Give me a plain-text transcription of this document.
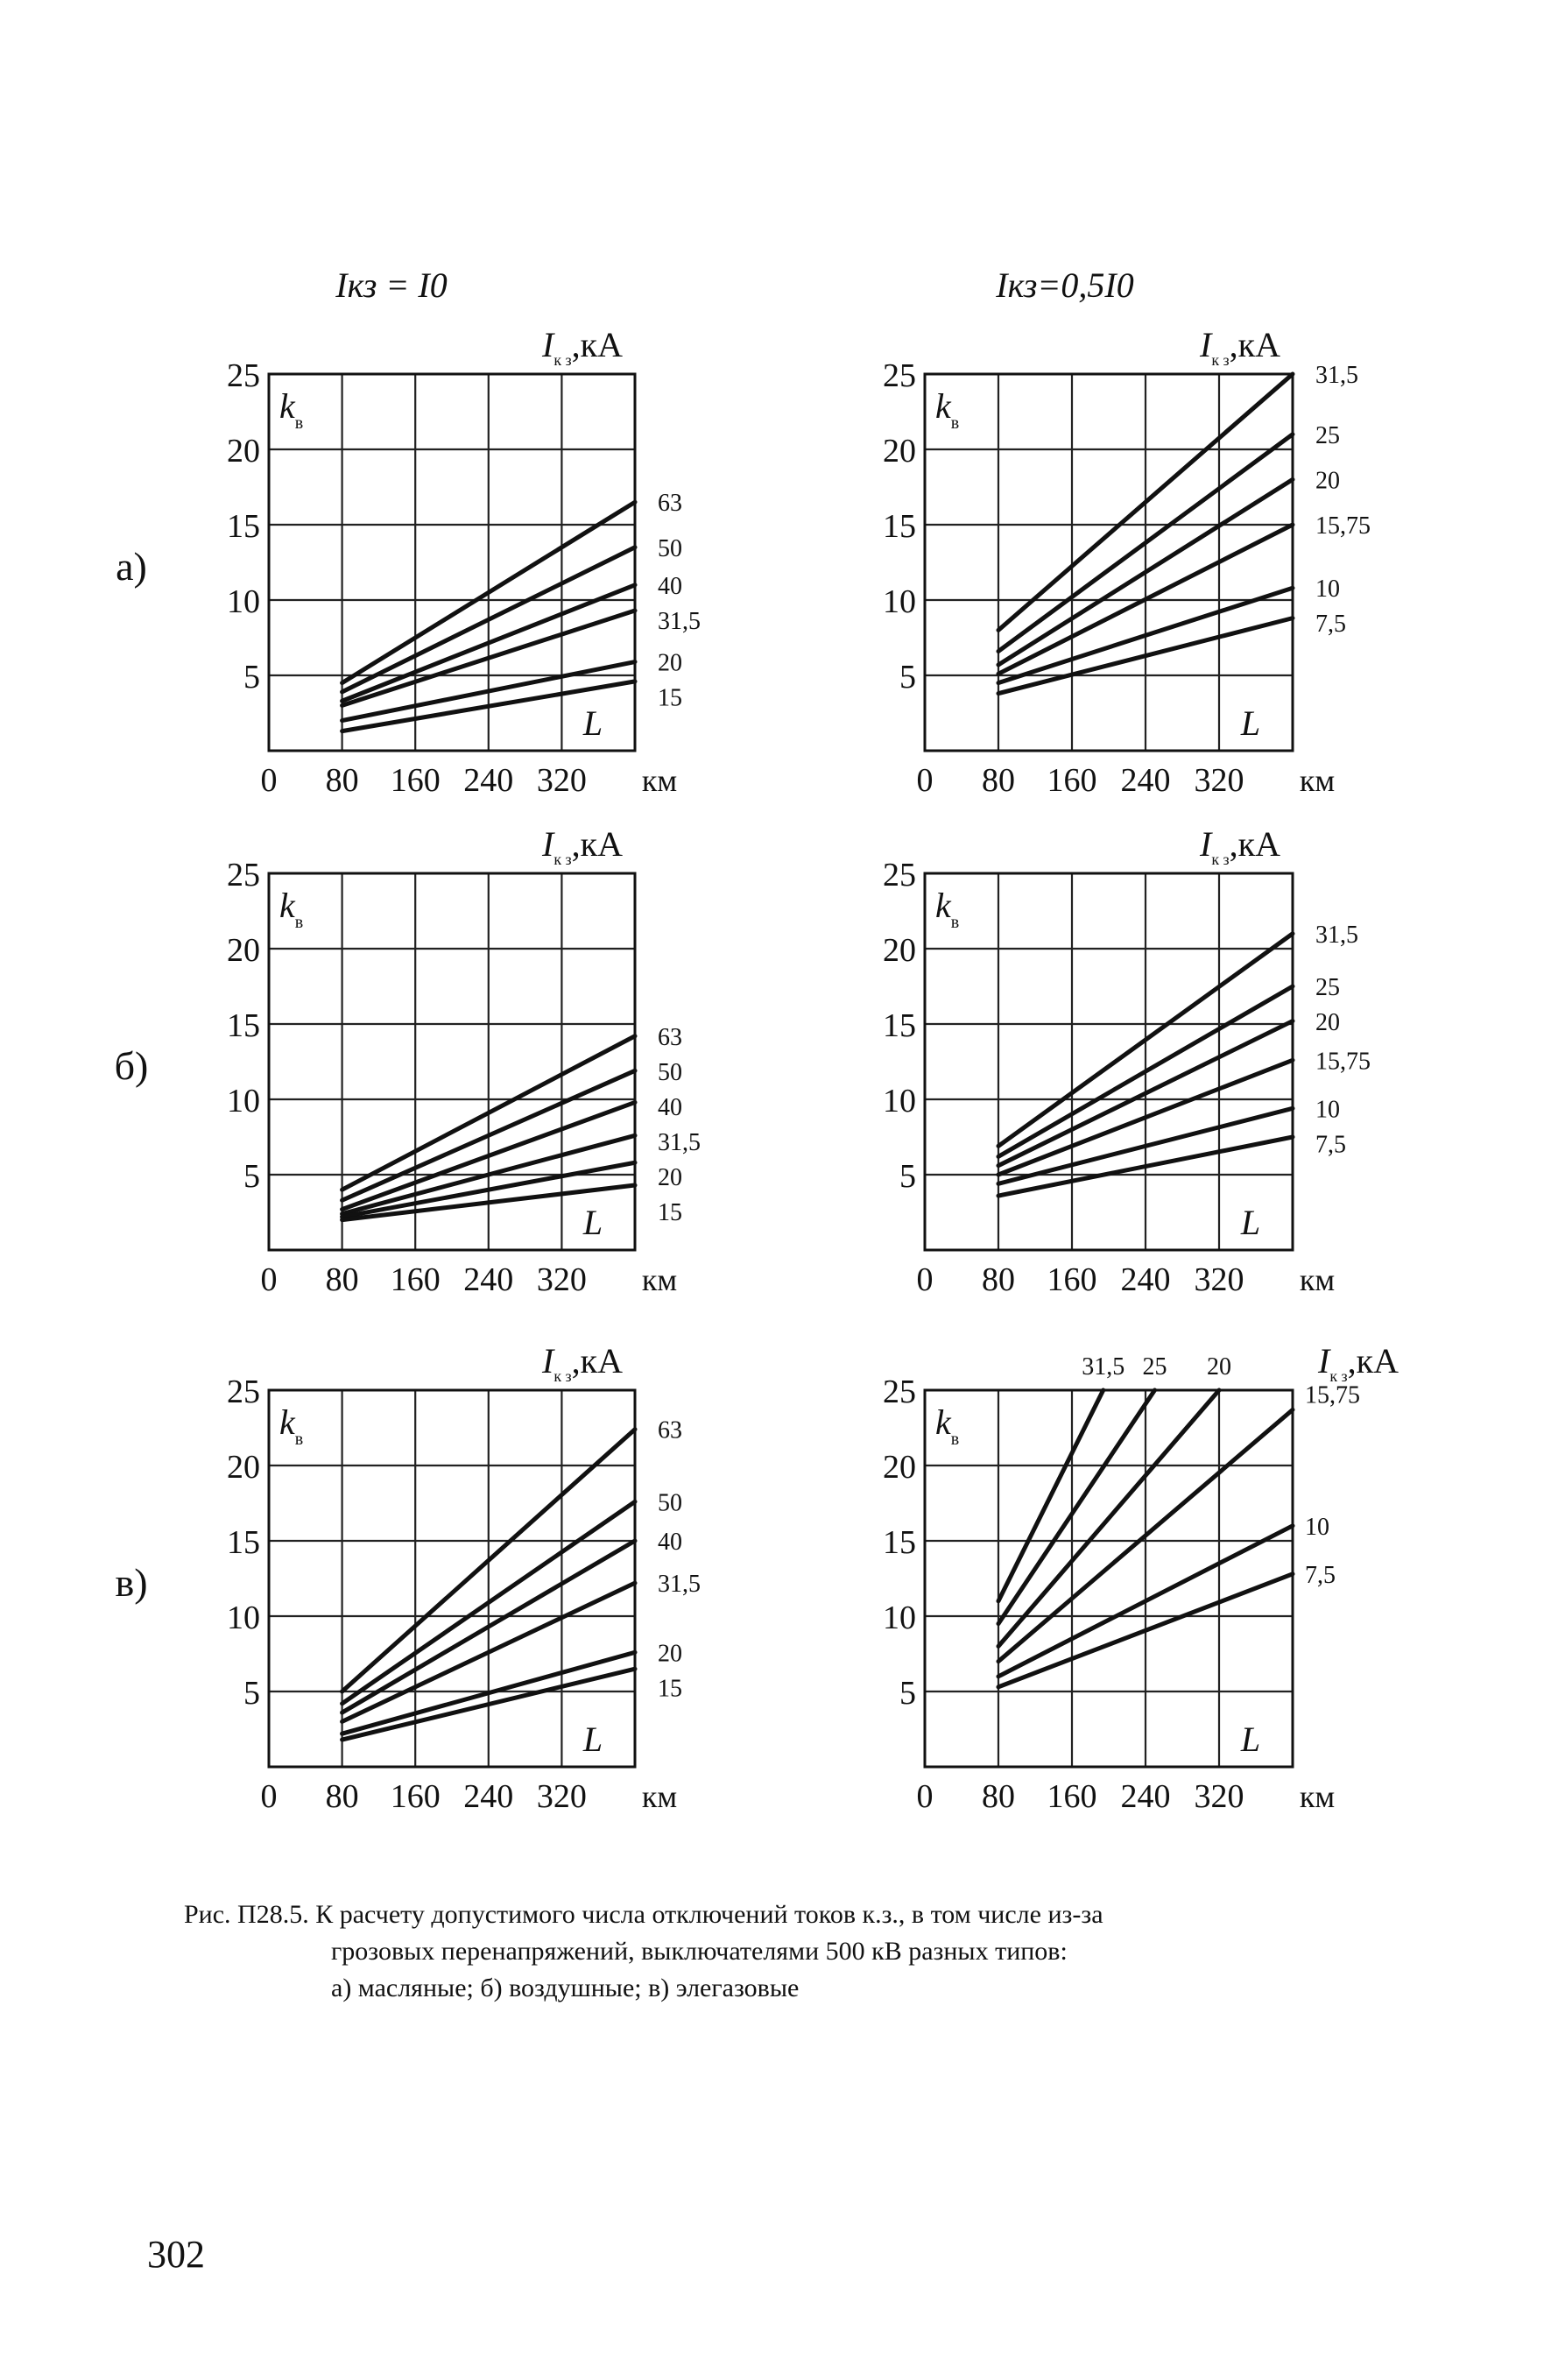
а)
б)
в)
5
10
15
20
25
0 80 160 240 320 км
$k_в$
L
$I_{к з},кА$
Iкз = I0
63
50
40
31,5
20
15
5
10
15
20
25
0 80 160 240 320 км
$k_в$
L
$I_{к з},кА$
Iкз=0,5I0
31,5
25
20
15,75
10
7,5
5
10
15
20
25
0 80 160 240 320 км
$k_в$
L
$I_{к з},кА$
63
50
40
31,5
20
15
5
10
15
20
25
0 80 160 240 320 км
$k_в$
L
$I_{к з},кА$
31,5
25
20
15,75
10
7,5
5
10
15
20
25
0 80 160 240 320 км
$k_в$
L
$I_{к з},кА$
63
50
40
31,5
20
15	5
10
15
20
25
0 80 160 240 320 км
$k_в$
L
$I_{к з},кА$
31,5 25 20
15,75
10
7,5
Рис. П28.5. К расчету допустимого числа отключений токов к.з., в том числе из-за
грозовых перенапряжений, выключателями 500 кВ разных типов:
а) масляные; б) воздушные; в) элегазовые
302
